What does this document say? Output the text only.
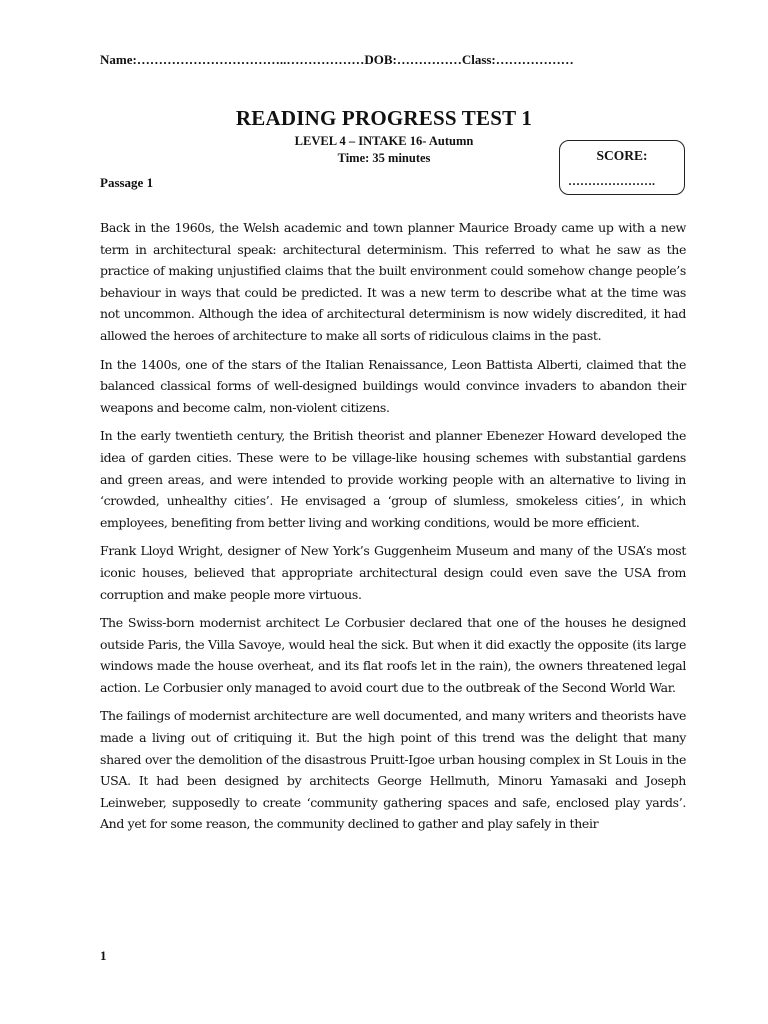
Name:……………………………..………………DOB:……………Class:………………
READING PROGRESS TEST 1
LEVEL 4 – INTAKE 16- Autumn
Time: 35 minutes	SCORE:
………………….
Passage 1

Back in the 1960s, the Welsh academic and town planner Maurice Broady came up with a new term in architectural speak: architectural determinism. This referred to what he saw as the practice of making unjustified claims that the built environment could somehow change people’s behaviour in ways that could be predicted. It was a new term to describe what at the time was not uncommon. Although the idea of architectural determinism is now widely discredited, it had allowed the heroes of architecture to make all sorts of ridiculous claims in the past.

In the 1400s, one of the stars of the Italian Renaissance, Leon Battista Alberti, claimed that the balanced classical forms of well-designed buildings would convince invaders to abandon their weapons and become calm, non-violent citizens.

In the early twentieth century, the British theorist and planner Ebenezer Howard developed the idea of garden cities. These were to be village-like housing schemes with substantial gardens and green areas, and were intended to provide working people with an alternative to living in ‘crowded, unhealthy cities’. He envisaged a ‘group of slumless, smokeless cities’, in which employees, benefiting from better living and working conditions, would be more efficient.

Frank Lloyd Wright, designer of New York’s Guggenheim Museum and many of the USA’s most iconic houses, believed that appropriate architectural design could even save the USA from corruption and make people more virtuous.

The Swiss-born modernist architect Le Corbusier declared that one of the houses he designed outside Paris, the Villa Savoye, would heal the sick. But when it did exactly the opposite (its large windows made the house overheat, and its flat roofs let in the rain), the owners threatened legal action. Le Corbusier only managed to avoid court due to the outbreak of the Second World War.

The failings of modernist architecture are well documented, and many writers and theorists have made a living out of critiquing it. But the high point of this trend was the delight that many shared over the demolition of the disastrous Pruitt-Igoe urban housing complex in St Louis in the USA. It had been designed by architects George Hellmuth, Minoru Yamasaki and Joseph Leinweber, supposedly to create ‘community gathering spaces and safe, enclosed play yards’. And yet for some reason, the community declined to gather and play safely in their

1
